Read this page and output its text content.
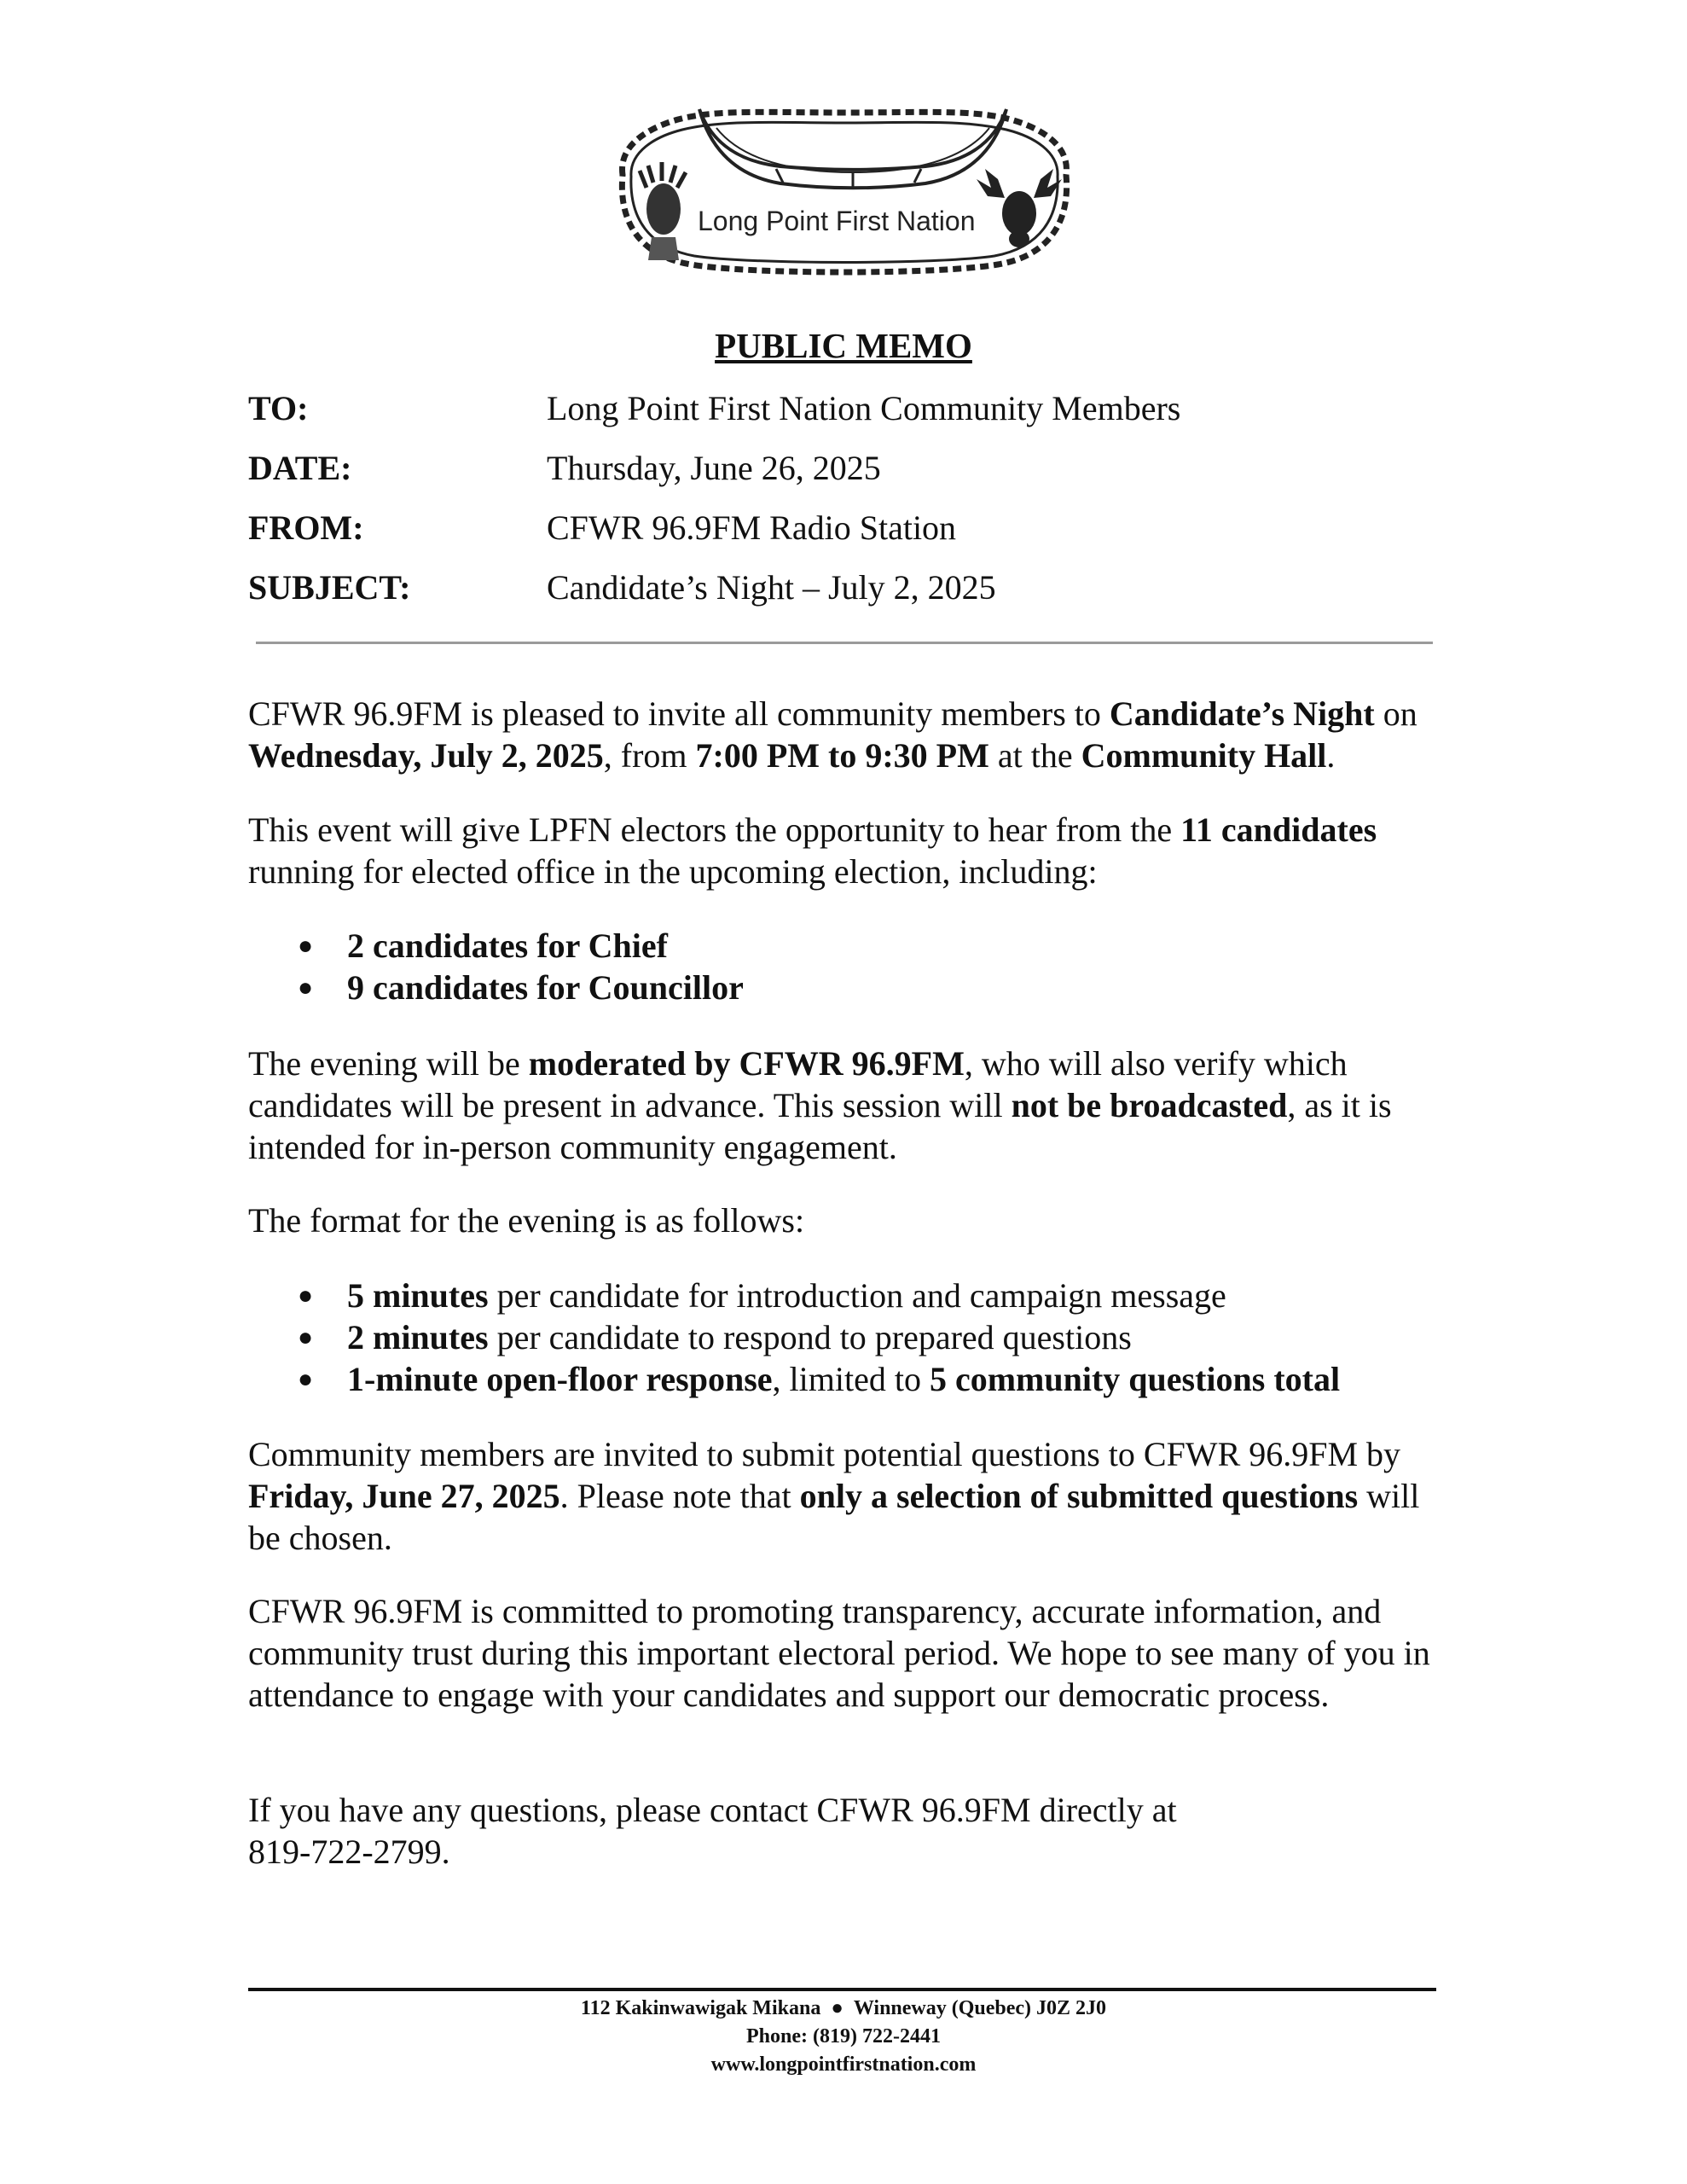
Long Point First Nation
PUBLIC MEMO
TO:	Long Point First Nation Community Members
DATE:	Thursday, June 26, 2025
FROM:	CFWR 96.9FM Radio Station
SUBJECT:	Candidate’s Night – July 2, 2025

CFWR 96.9FM is pleased to invite all community members to Candidate’s Night on Wednesday, July 2, 2025, from 7:00 PM to 9:30 PM at the Community Hall.

This event will give LPFN electors the opportunity to hear from the 11 candidates running for elected office in the upcoming election, including:

● 2 candidates for Chief
● 9 candidates for Councillor

The evening will be moderated by CFWR 96.9FM, who will also verify which candidates will be present in advance. This session will not be broadcasted, as it is intended for in-person community engagement.

The format for the evening is as follows:

● 5 minutes per candidate for introduction and campaign message
● 2 minutes per candidate to respond to prepared questions
● 1-minute open-floor response, limited to 5 community questions total

Community members are invited to submit potential questions to CFWR 96.9FM by Friday, June 27, 2025. Please note that only a selection of submitted questions will be chosen.

CFWR 96.9FM is committed to promoting transparency, accurate information, and community trust during this important electoral period. We hope to see many of you in attendance to engage with your candidates and support our democratic process.

If you have any questions, please contact CFWR 96.9FM directly at
819-722-2799.

112 Kakinwawigak Mikana ● Winneway (Quebec) J0Z 2J0
Phone: (819) 722-2441
www.longpointfirstnation.com
